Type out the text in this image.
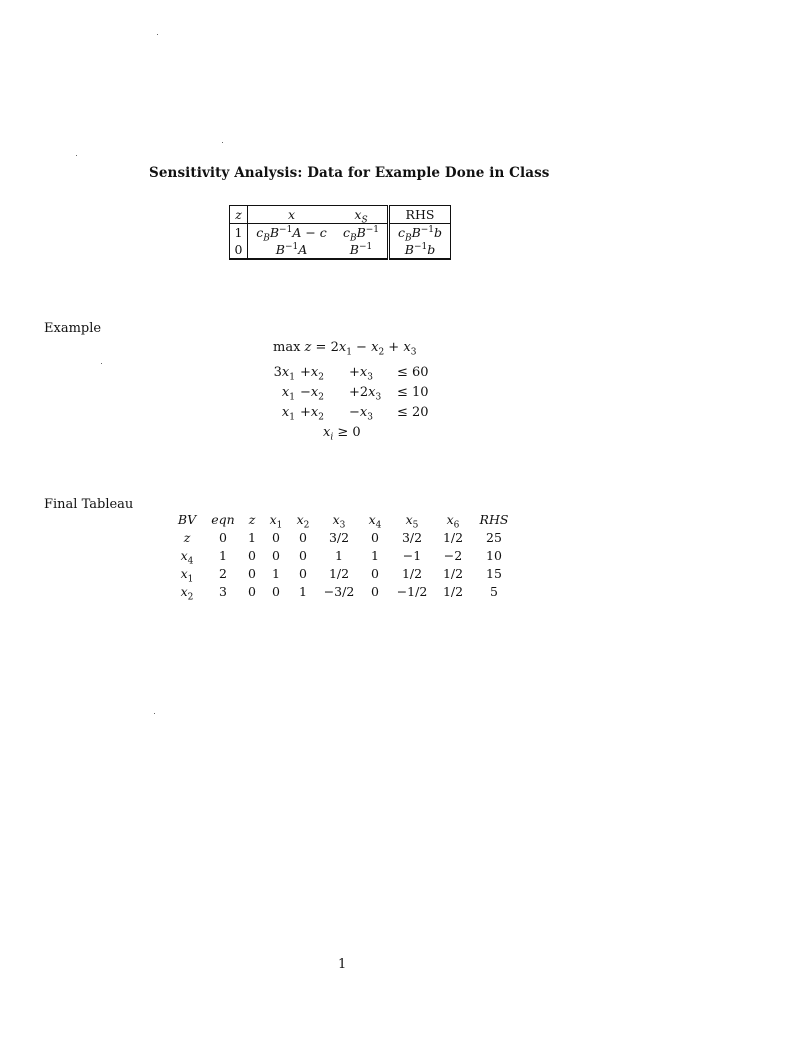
Sensitivity Analysis: Data for Example Done in Class
z	x	$x_S$	RHS
1	$c_BB^{-1}A - c$	$c_BB^{-1}$	$c_BB^{-1}b$
0	$B^{-1}A$	$B^{-1}$	$B^{-1}b$
Example
$\max z = 2x_1 - x_2 + x_3$
$3x_1$	$+x_2$	$+x_3$	≤ 60
$x_1$	$-x_2$	$+2x_3$	≤ 10
$x_1$	$+x_2$	$-x_3$	≤ 20
$x_i \ge 0$
Final Tableau
BV	eqn	z	$x_1$	$x_2$	$x_3$	$x_4$	$x_5$	$x_6$	RHS
z	0	1	0	0	3/2	0	3/2	1/2	25
$x_4$	1	0	0	0	1	1	−1	−2	10
$x_1$	2	0	1	0	1/2	0	1/2	1/2	15
$x_2$	3	0	0	1	−3/2	0	−1/2	1/2	5
1
